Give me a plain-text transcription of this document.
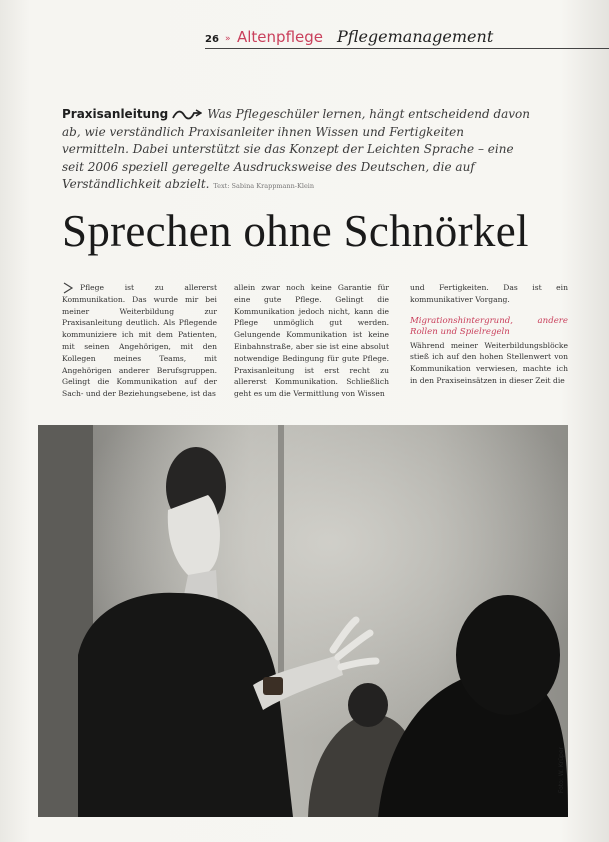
26 » Altenpflege Pflegemanagement
Praxisanleitung	Was Pflegeschüler lernen, hängt entscheidend davon ab, wie verständlich Praxisanleiter ihnen Wissen und Fertigkeiten vermitteln. Dabei unterstützt sie das Konzept der Leichten Sprache – eine seit 2006 speziell geregelte Ausdrucksweise des Deutschen, die auf Verständlichkeit abzielt. Text: Sabina Krappmann-Klein
Sprechen ohne Schnörkel

Pflege ist zu allererst Kommunikation. Das wurde mir bei meiner Weiterbildung zur Praxisanleitung deutlich. Als Pflegende kommuniziere ich mit dem Patienten, mit seinen Angehörigen, mit den Kollegen meines Teams, mit Angehörigen anderer Berufsgruppen. Gelingt die Kommunikation auf der Sach- und der Beziehungsebene, ist das

allein zwar noch keine Garantie für eine gute Pflege. Gelingt die Kommunikation jedoch nicht, kann die Pflege unmöglich gut werden. Gelungende Kommunikation ist keine Einbahnstraße, aber sie ist eine absolut notwendige Bedingung für gute Pflege. Praxisanleitung ist erst recht zu allererst Kommunikation. Schließlich geht es um die Vermittlung von Wissen

und Fertigkeiten. Das ist ein kommunikativer Vorgang.

Migrationshintergrund, andere Rollen und Spielregeln

Während meiner Weiterbildungsblöcke stieß ich auf den hohen Stellenwert von Kommunikation verwiesen, machte ich in den Praxiseinsätzen in dieser Zeit die

Foto: W. Krüper
